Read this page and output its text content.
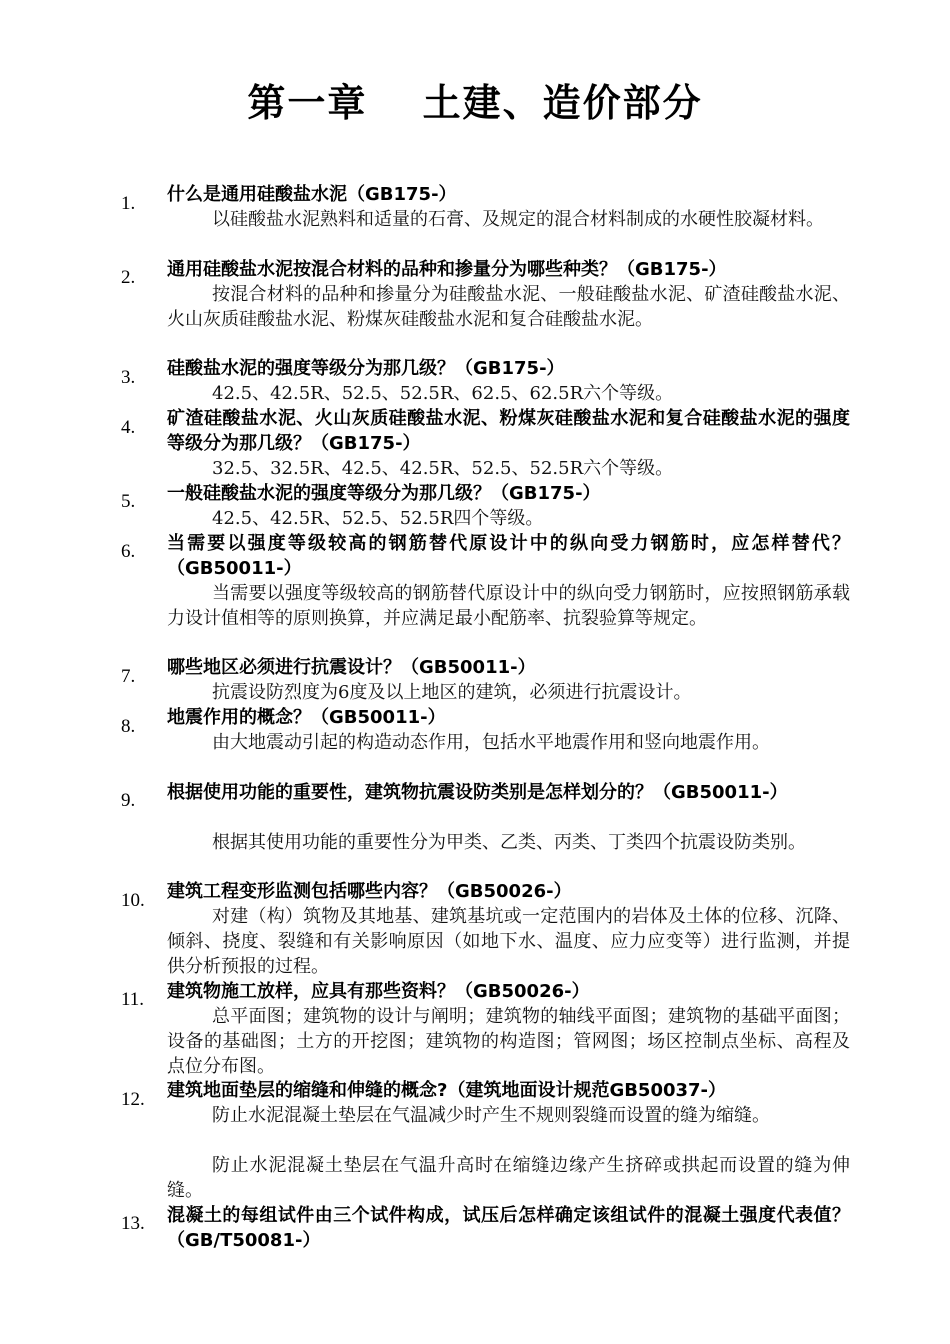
第一章　 土建、造价部分
1.	什么是通用硅酸盐水泥（GB175-）

以硅酸盐水泥熟料和适量的石膏、及规定的混合材料制成的水硬性胶凝材料。

2.	通用硅酸盐水泥按混合材料的品种和掺量分为哪些种类？（GB175-）

按混合材料的品种和掺量分为硅酸盐水泥、一般硅酸盐水泥、矿渣硅酸盐水泥、火山灰质硅酸盐水泥、粉煤灰硅酸盐水泥和复合硅酸盐水泥。

3.	硅酸盐水泥的强度等级分为那几级？（GB175-）

42.5、42.5R、52.5、52.5R、62.5、62.5R六个等级。

4.	矿渣硅酸盐水泥、火山灰质硅酸盐水泥、粉煤灰硅酸盐水泥和复合硅酸盐水泥的强度等级分为那几级？（GB175-）

32.5、32.5R、42.5、42.5R、52.5、52.5R六个等级。

5.	一般硅酸盐水泥的强度等级分为那几级？（GB175-）

42.5、42.5R、52.5、52.5R四个等级。

6.	当需要以强度等级较高的钢筋替代原设计中的纵向受力钢筋时，应怎样替代？（GB50011-）

当需要以强度等级较高的钢筋替代原设计中的纵向受力钢筋时，应按照钢筋承载力设计值相等的原则换算，并应满足最小配筋率、抗裂验算等规定。

7.	哪些地区必须进行抗震设计？（GB50011-）

抗震设防烈度为6度及以上地区的建筑，必须进行抗震设计。

8.	地震作用的概念？（GB50011-）

由大地震动引起的构造动态作用，包括水平地震作用和竖向地震作用。

9.	根据使用功能的重要性，建筑物抗震设防类别是怎样划分的？（GB50011-）

根据其使用功能的重要性分为甲类、乙类、丙类、丁类四个抗震设防类别。

10.	建筑工程变形监测包括哪些内容？（GB50026-）

对建（构）筑物及其地基、建筑基坑或一定范围内的岩体及土体的位移、沉降、倾斜、挠度、裂缝和有关影响原因（如地下水、温度、应力应变等）进行监测，并提供分析预报的过程。

11.	建筑物施工放样，应具有那些资料？（GB50026-）

总平面图；建筑物的设计与阐明；建筑物的轴线平面图；建筑物的基础平面图；设备的基础图；土方的开挖图；建筑物的构造图；管网图；场区控制点坐标、高程及点位分布图。

12.	建筑地面垫层的缩缝和伸缝的概念?（建筑地面设计规范GB50037-）

防止水泥混凝土垫层在气温减少时产生不规则裂缝而设置的缝为缩缝。

防止水泥混凝土垫层在气温升高时在缩缝边缘产生挤碎或拱起而设置的缝为伸缝。

13.	混凝土的每组试件由三个试件构成，试压后怎样确定该组试件的混凝土强度代表值？（GB/T50081-）
